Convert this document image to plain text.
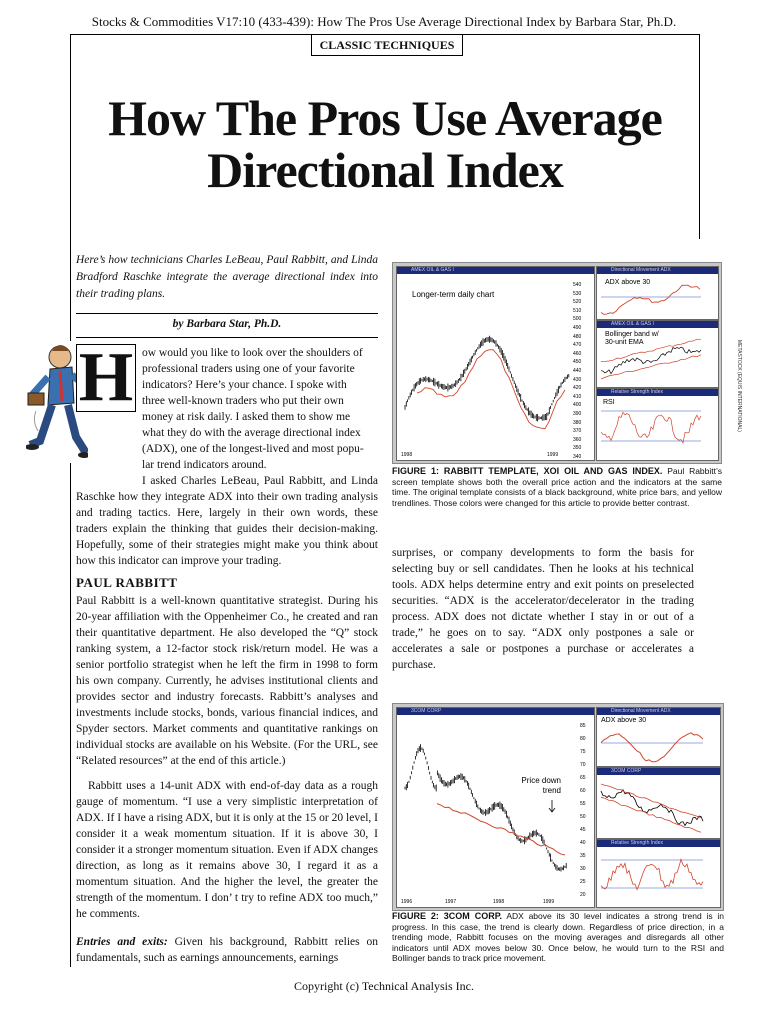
Stocks & Commodities V17:10 (433-439): How The Pros Use Average Directional Index by Barbara Star, Ph.D.
CLASSIC TECHNIQUES
How The Pros Use Average
Directional Index
Here’s how technicians Charles LeBeau, Paul Rabbitt, and Linda Bradford Raschke integrate the average directional index into their trading plans.
by Barbara Star, Ph.D.
H ow would you like to look over the shoulders of
professional traders using one of your favorite
indicators? Here’s your chance. I spoke with
three well-known traders who put their own
money at risk daily. I asked them to show me
what they do with the average directional index
(ADX), one of the longest-lived and most popu-
lar trend indicators around.
I asked Charles LeBeau, Paul Rabbitt, and Linda Raschke how they integrate ADX into their own trading analysis and trading tactics. Here, largely in their own words, these traders explain the thinking that guides their decision-making. Hopefully, some of their strategies might make you think about how this indicator can improve your trading.
PAUL RABBITT
Paul Rabbitt is a well-known quantitative strategist. During his 20-year affiliation with the Oppenheimer Co., he created and ran their quantitative department. He also developed the “Q” stock ranking system, a 12-factor stock risk/return model. He was a senior portfolio strategist when he left the firm in 1998 to form his own company. Currently, he advises institutional clients and provides sector and industry forecasts. Rabbitt’s analyses and investments include stocks, bonds, various financial indices, and Spyder sectors. Market comments and quantitative rankings on individual stocks are available on his Website. (For the URL, see “Related resources” at the end of this article.)
Rabbitt uses a 14-unit ADX with end-of-day data as a rough gauge of momentum. “I use a very simplistic interpretation of ADX. If I have a rising ADX, but it is only at the 15 or 20 level, I consider it a weak momentum situation. If it is above 30, I consider it a stronger momentum situation. Even if ADX changes direction, as long as it remains above 30, I regard it as a momentum situation. And the higher the level, the greater the strength of the momentum. I don’ t try to refine ADX too much,” he comments.
Entries and exits: Given his background, Rabbitt relies on fundamentals, such as earnings announcements, earnings
surprises, or company developments to form the basis for selecting buy or sell candidates. Then he looks at his technical tools. ADX helps determine entry and exit points on preselected securities. “ADX is the accelerator/decelerator in the trading process. ADX does not dictate whether I stay in or out of a trade,” he goes on to say. “ADX only postpones a sale or accelerates a sale or postpones a purchase or accelerates a purchase.
AMEX OIL & GAS I
Longer-term daily chart
540
530
520
510
500
490
480
470
460
450
440
430
420
410
400
390
380
370
360
350
340
1998	1999
Directional Movement ADX
ADX above 30
AMEX OIL & GAS I
Bollinger band w/ 30-unit EMA
Relative Strength Index
RSI	METASTOCK (EQUIS INTERNATIONAL)
FIGURE 1: RABBITT TEMPLATE, XOI OIL AND GAS INDEX. Paul Rabbitt’s screen template shows both the overall price action and the indicators at the same time. The original template consists of a black background, white price bars, and yellow trendlines. Those colors were changed for this article to provide better contrast.
3COM CORP
Price down trend
85
80
75
70
65
60
55
50
45
40
35
30
25
20
1996	1997	1998	1999
Directional Movement ADX
ADX above 30
3COM CORP
Relative Strength Index
FIGURE 2: 3COM CORP. ADX above its 30 level indicates a strong trend is in progress. In this case, the trend is clearly down. Regardless of price direction, in a trending mode, Rabbitt focuses on the moving averages and disregards all other indicators until ADX moves below 30. Once below, he would turn to the RSI and Bollinger bands to track price movement.
Copyright (c) Technical Analysis Inc.
